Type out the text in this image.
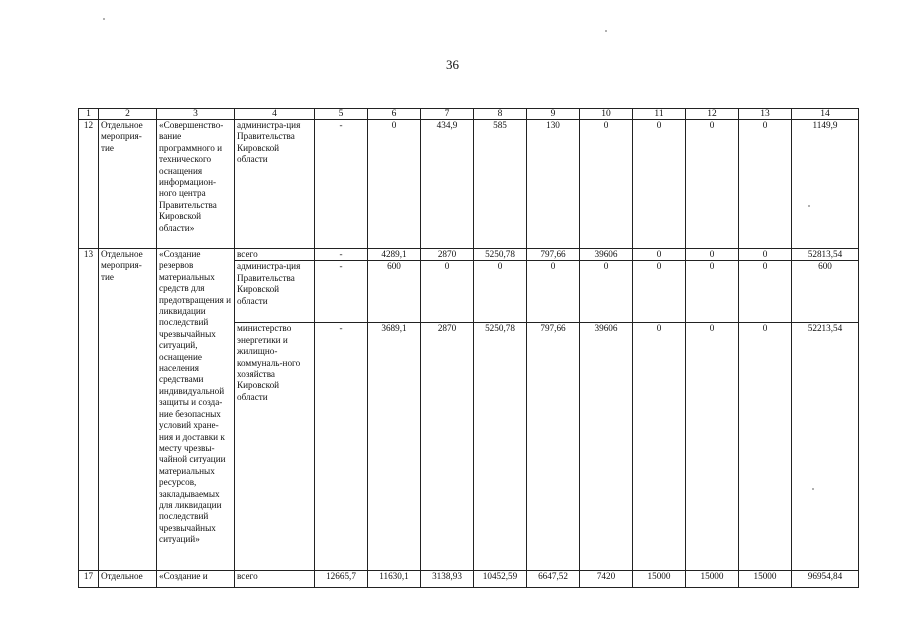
36
1	2	3	4	5	6	7	8	9	10	11	12	13	14
12	Отдельное мероприя-тие	«Совершенство-вание программного и технического оснащения информацион-ного центра Правительства Кировской области»	администра-ция Правительства Кировской области	-	0	434,9	585	130	0	0	0	0	1149,9
13	Отдельное мероприя-тие	«Создание резервов материальных средств для предотвращения и ликвидации последствий чрезвычайных ситуаций, оснащение населения средствами индивидуальной защиты и созда-ние безопасных условий хране-ния и доставки к месту чрезвы-чайной ситуации материальных ресурсов, закладываемых для ликвидации последствий чрезвычайных ситуаций»	всего	-	4289,1	2870	5250,78	797,66	39606	0	0	0	52813,54
			администра-ция Правительства Кировской области	-	600	0	0	0	0	0	0	0	600
			министерство энергетики и жилищно-коммуналь-ного хозяйства Кировской области	-	3689,1	2870	5250,78	797,66	39606	0	0	0	52213,54
17	Отдельное	«Создание и	всего	12665,7	11630,1	3138,93	10452,59	6647,52	7420	15000	15000	15000	96954,84
